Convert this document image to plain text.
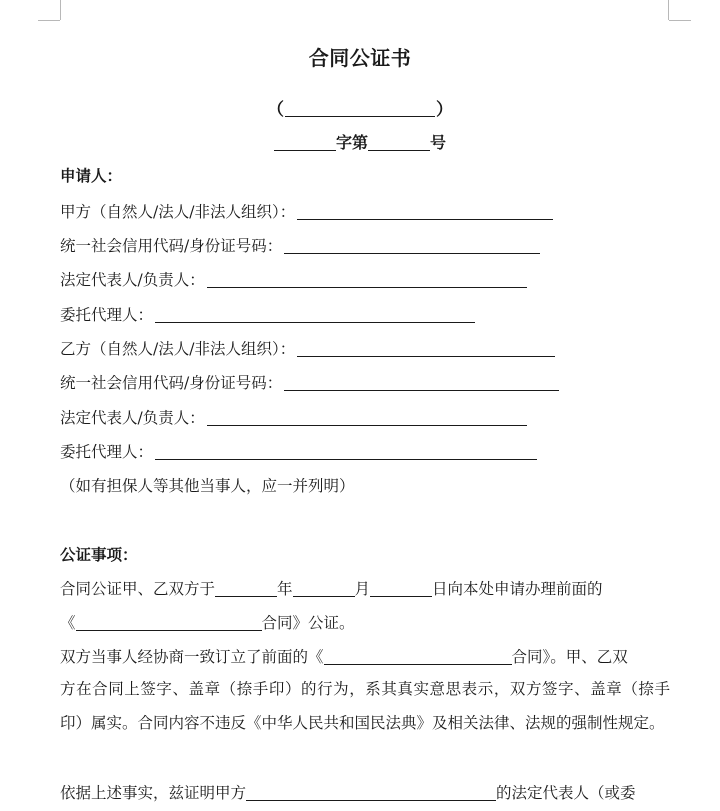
合同公证书
（	）
字第	号
申请人：
甲方（自然人/法人/非法人组织）：
统一社会信用代码/身份证号码：
法定代表人/负责人：
委托代理人：
乙方（自然人/法人/非法人组织）：
统一社会信用代码/身份证号码：
法定代表人/负责人：
委托代理人：
（如有担保人等其他当事人，应一并列明）
公证事项：
合同公证甲、乙双方于	年	月	日向本处申请办理前面的
《	合同》公证。
双方当事人经协商一致订立了前面的《	合同》。甲、乙双

方在合同上签字、盖章（捺手印）的行为，系其真实意思表示，双方签字、盖章（捺手印）属实。合同内容不违反《中华人民共和国民法典》及相关法律、法规的强制性规定。

依据上述事实，兹证明甲方	的法定代表人（或委
